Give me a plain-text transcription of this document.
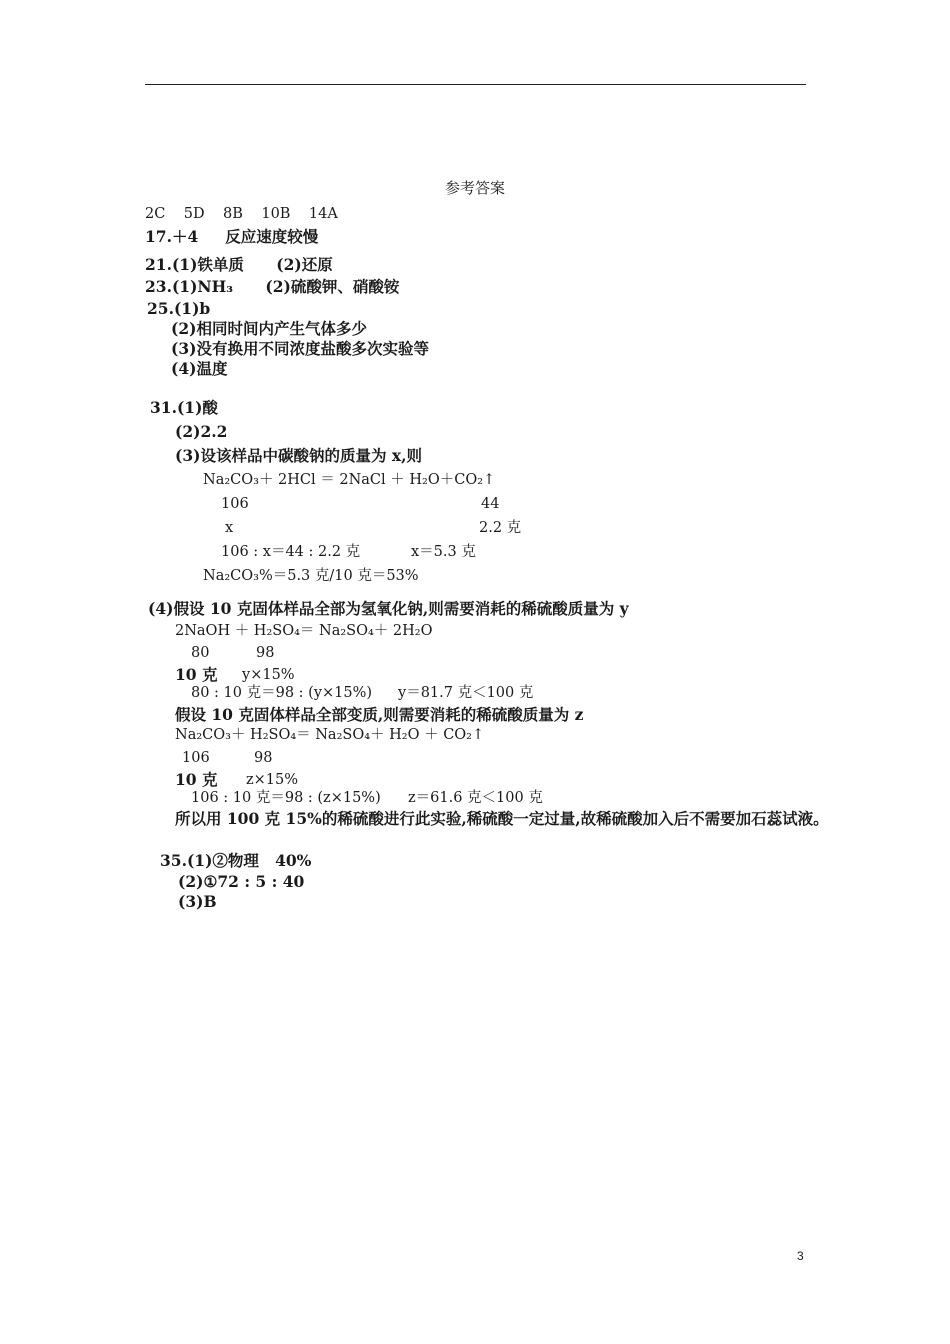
参考答案
2C    5D    8B    10B    14A
17.＋4     反应速度较慢
21.(1)铁单质      (2)还原
23.(1)NH₃      (2)硫酸钾、硝酸铵
25.(1)b
(2)相同时间内产生气体多少
(3)没有换用不同浓度盐酸多次实验等
(4)温度
31.(1)酸
(2)2.2
(3)设该样品中碳酸钠的质量为 x,则
Na₂CO₃＋ 2HCl ＝ 2NaCl ＋ H₂O＋CO₂↑
106	44
x	2.2 克
106 : x＝44 : 2.2 克	x＝5.3 克
Na₂CO₃%＝5.3 克/10 克＝53%
(4)假设 10 克固体样品全部为氢氧化钠,则需要消耗的稀硫酸质量为 y
2NaOH ＋ H₂SO₄＝ Na₂SO₄＋ 2H₂O
80	98
10 克 y×15%
80 : 10 克＝98 : (y×15%) y＝81.7 克＜100 克
假设 10 克固体样品全部变质,则需要消耗的稀硫酸质量为 z
Na₂CO₃＋ H₂SO₄＝ Na₂SO₄＋ H₂O ＋ CO₂↑
106	98
10 克 z×15%
106 : 10 克＝98 : (z×15%) z＝61.6 克＜100 克
所以用 100 克 15%的稀硫酸进行此实验,稀硫酸一定过量,故稀硫酸加入后不需要加石蕊试液。
35.(1)②物理   40%
(2)①72 : 5 : 40
(3)B
3
